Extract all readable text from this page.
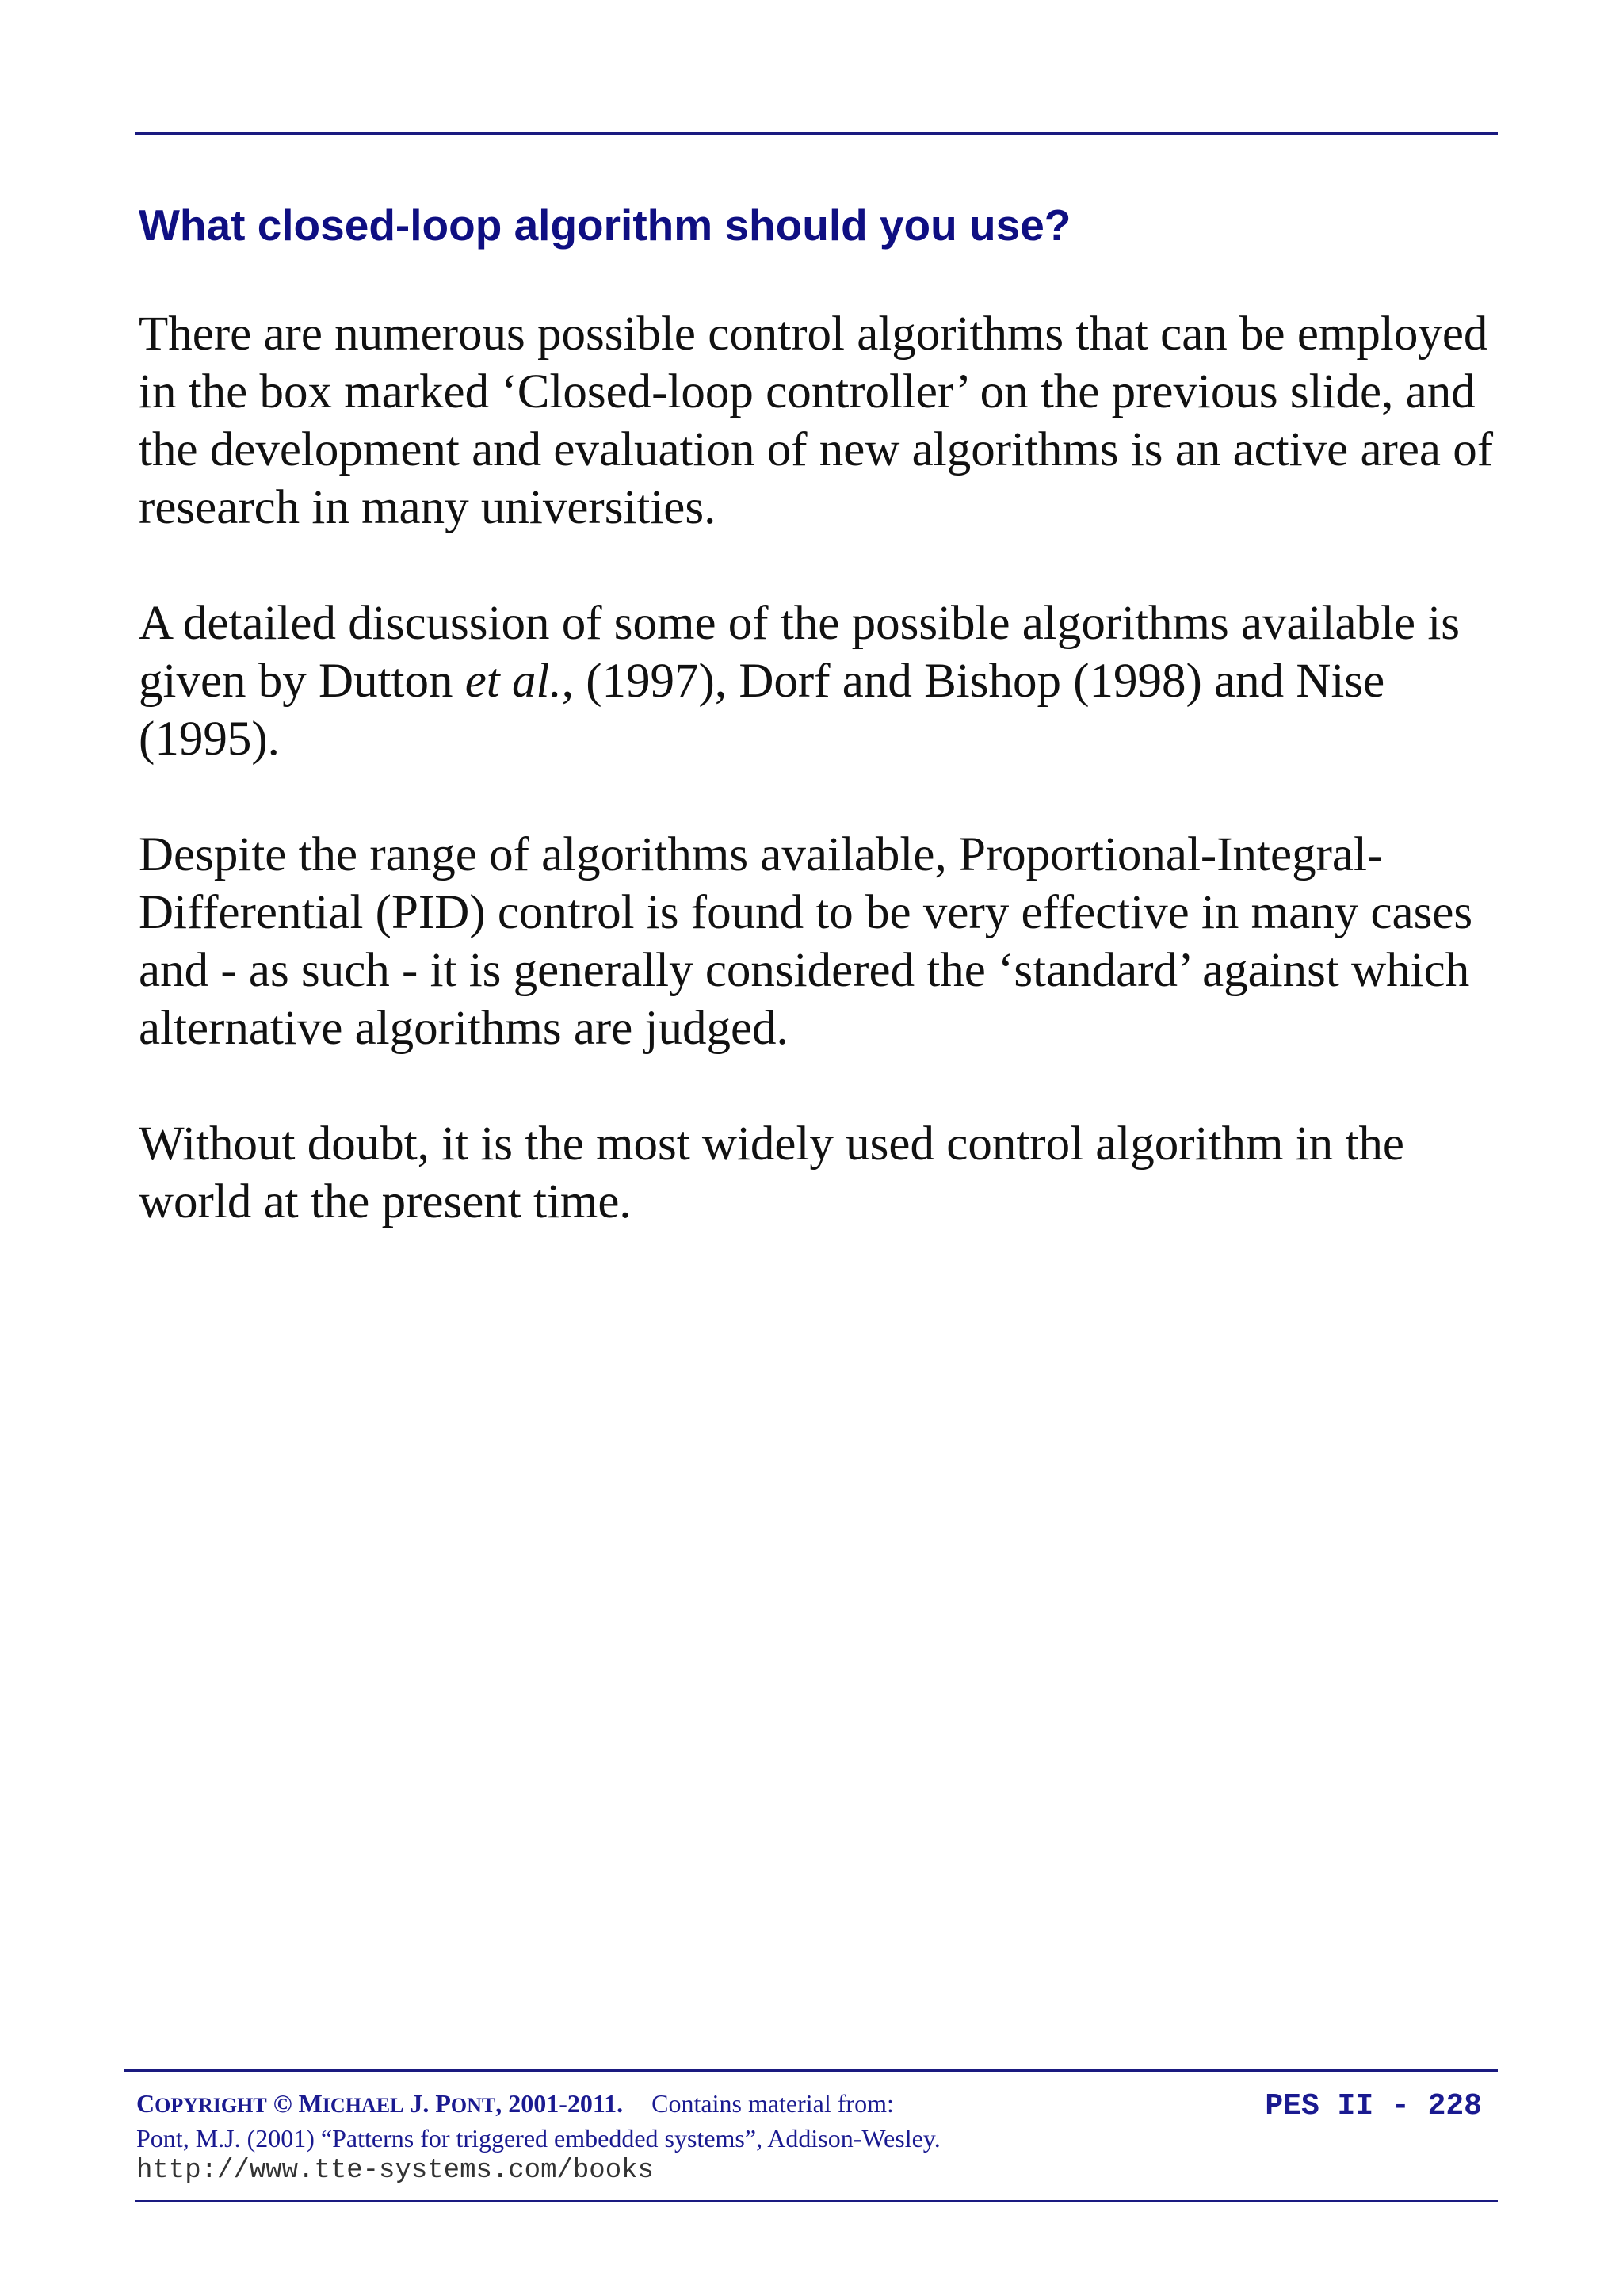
What closed-loop algorithm should you use?

There are numerous possible control algorithms that can be employed in the box marked ‘Closed-loop controller’ on the previous slide, and the development and evaluation of new algorithms is an active area of research in many universities.

A detailed discussion of some of the possible algorithms available is given by Dutton et al., (1997), Dorf and Bishop (1998) and Nise (1995).

Despite the range of algorithms available, Proportional-Integral-Differential (PID) control is found to be very effective in many cases and - as such - it is generally considered the ‘standard’ against which alternative algorithms are judged.

Without doubt, it is the most widely used control algorithm in the world at the present time.

COPYRIGHT © MICHAEL J. PONT, 2001-2011. Contains material from:
Pont, M.J. (2001) “Patterns for triggered embedded systems”, Addison-Wesley.
http://www.tte-systems.com/books
PES II - 228
